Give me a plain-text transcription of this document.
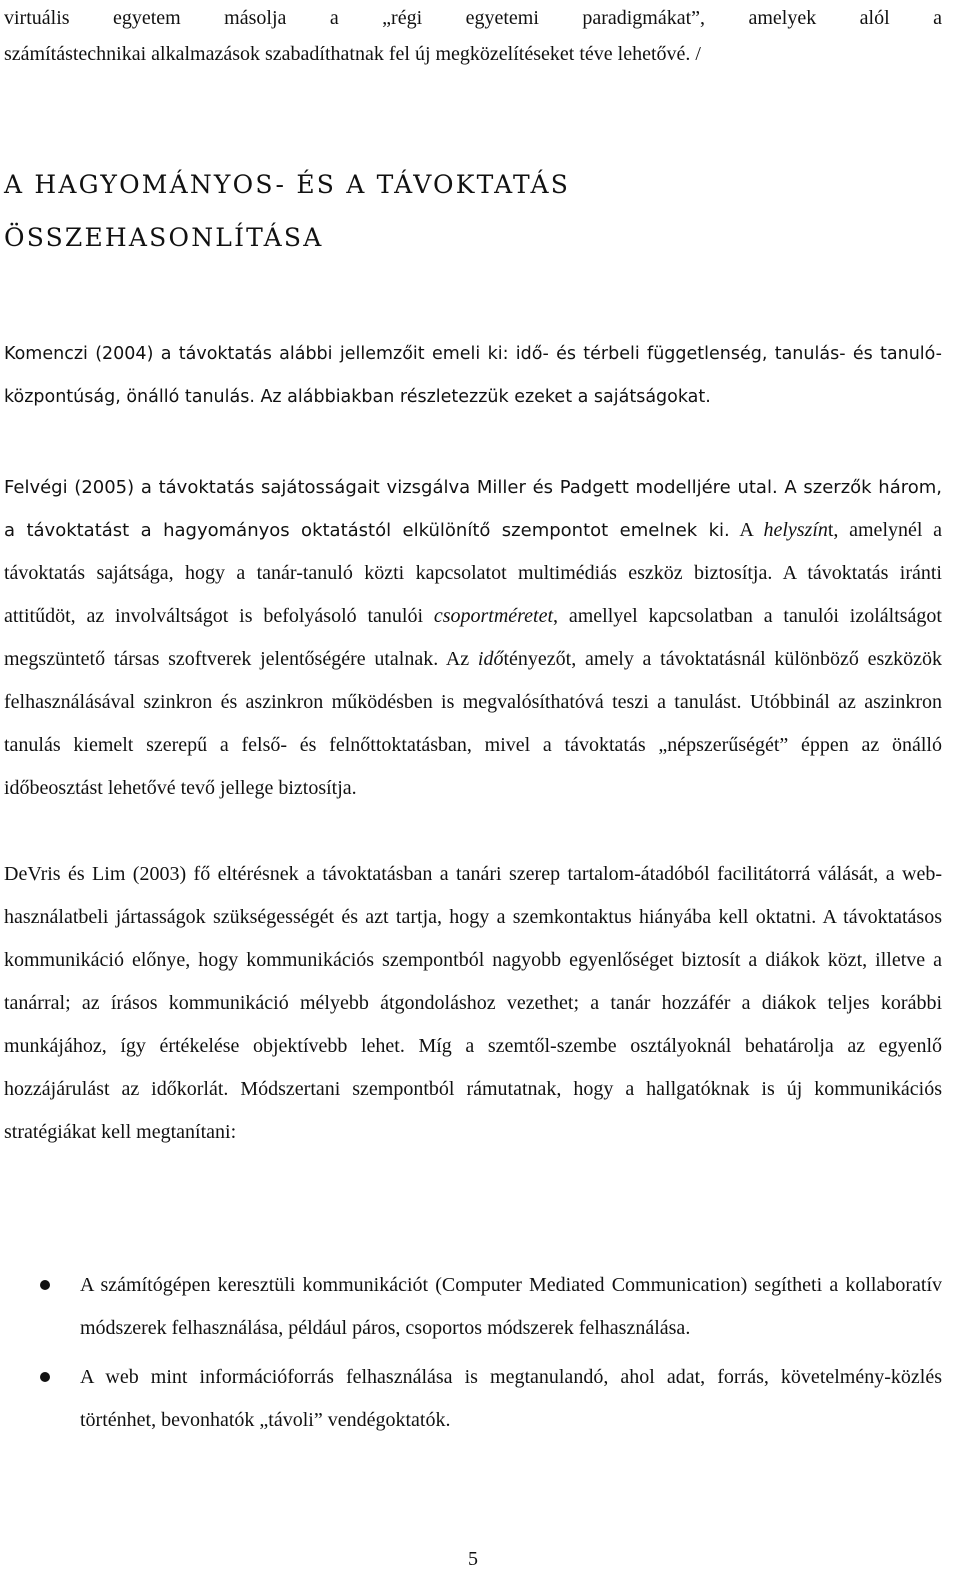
virtuális egyetem másolja a „régi egyetemi paradigmákat”, amelyek alól a
számítástechnikai alkalmazások szabadíthatnak fel új megközelítéseket téve lehetővé. /
A HAGYOMÁNYOS- ÉS A TÁVOKTATÁS
ÖSSZEHASONLÍTÁSA

Komenczi (2004) a távoktatás alábbi jellemzőit emeli ki: idő- és térbeli függetlenség, tanulás- és tanuló-központúság, önálló tanulás. Az alábbiakban részletezzük ezeket a sajátságokat.

Felvégi (2005) a távoktatás sajátosságait vizsgálva Miller és Padgett modelljére utal. A szerzők három, a távoktatást a hagyományos oktatástól elkülönítő szempontot emelnek ki. A helyszínt, amelynél a távoktatás sajátsága, hogy a tanár-tanuló közti kapcsolatot multimédiás eszköz biztosítja. A távoktatás iránti attitűdöt, az involváltságot is befolyásoló tanulói csoportméretet, amellyel kapcsolatban a tanulói izoláltságot megszüntető társas szoftverek jelentőségére utalnak. Az időtényezőt, amely a távoktatásnál különböző eszközök felhasználásával szinkron és aszinkron működésben is megvalósíthatóvá teszi a tanulást. Utóbbinál az aszinkron tanulás kiemelt szerepű a felső- és felnőttoktatásban, mivel a távoktatás „népszerűségét” éppen az önálló időbeosztást lehetővé tevő jellege biztosítja.

DeVris és Lim (2003) fő eltérésnek a távoktatásban a tanári szerep tartalom-átadóból facilitátorrá válását, a web-használatbeli jártasságok szükségességét és azt tartja, hogy a szemkontaktus hiányába kell oktatni. A távoktatásos kommunikáció előnye, hogy kommunikációs szempontból nagyobb egyenlőséget biztosít a diákok közt, illetve a tanárral; az írásos kommunikáció mélyebb átgondoláshoz vezethet; a tanár hozzáfér a diákok teljes korábbi munkájához, így értékelése objektívebb lehet. Míg a szemtől-szembe osztályoknál behatárolja az egyenlő hozzájárulást az időkorlát. Módszertani szempontból rámutatnak, hogy a hallgatóknak is új kommunikációs stratégiákat kell megtanítani:

A számítógépen keresztüli kommunikációt (Computer Mediated Communication) segítheti a kollaboratív módszerek felhasználása, például páros, csoportos módszerek felhasználása.
A web mint információforrás felhasználása is megtanulandó, ahol adat, forrás, követelmény-közlés történhet, bevonhatók „távoli” vendégoktatók.
5
